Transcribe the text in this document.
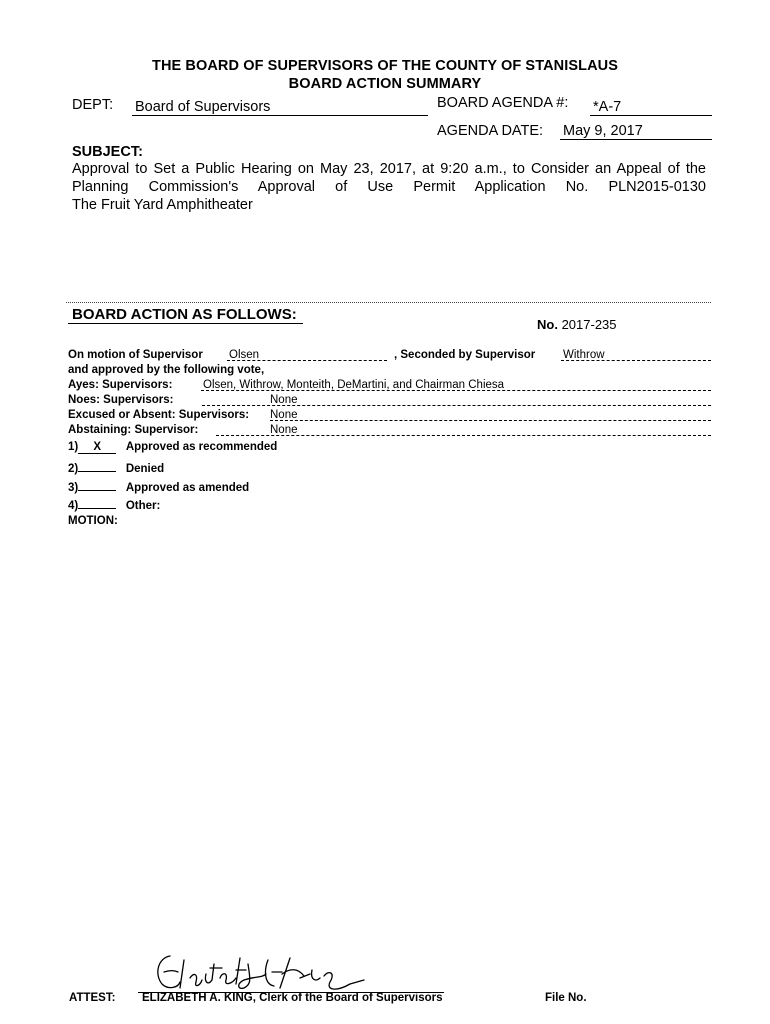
THE BOARD OF SUPERVISORS OF THE COUNTY OF STANISLAUS
BOARD ACTION SUMMARY
DEPT: Board of Supervisors	BOARD AGENDA #: *A-7
AGENDA DATE: May 9, 2017
SUBJECT:
Approval to Set a Public Hearing on May 23, 2017, at 9:20 a.m., to Consider an Appeal of the
Planning Commission's Approval of Use Permit Application No. PLN2015-0130
The Fruit Yard Amphitheater
BOARD ACTION AS FOLLOWS:
No. 2017-235
On motion of Supervisor Olsen	, Seconded by Supervisor Withrow
and approved by the following vote,
Ayes: Supervisors:	Olsen, Withrow, Monteith, DeMartini, and Chairman Chiesa
Noes: Supervisors:	None
Excused or Absent: Supervisors: None
Abstaining: Supervisor:	None
1) X Approved as recommended
2)	Denied
3)	Approved as amended
4)	Other:
MOTION:
ATTEST: ELIZABETH A. KING, Clerk of the Board of Supervisors	File No.
